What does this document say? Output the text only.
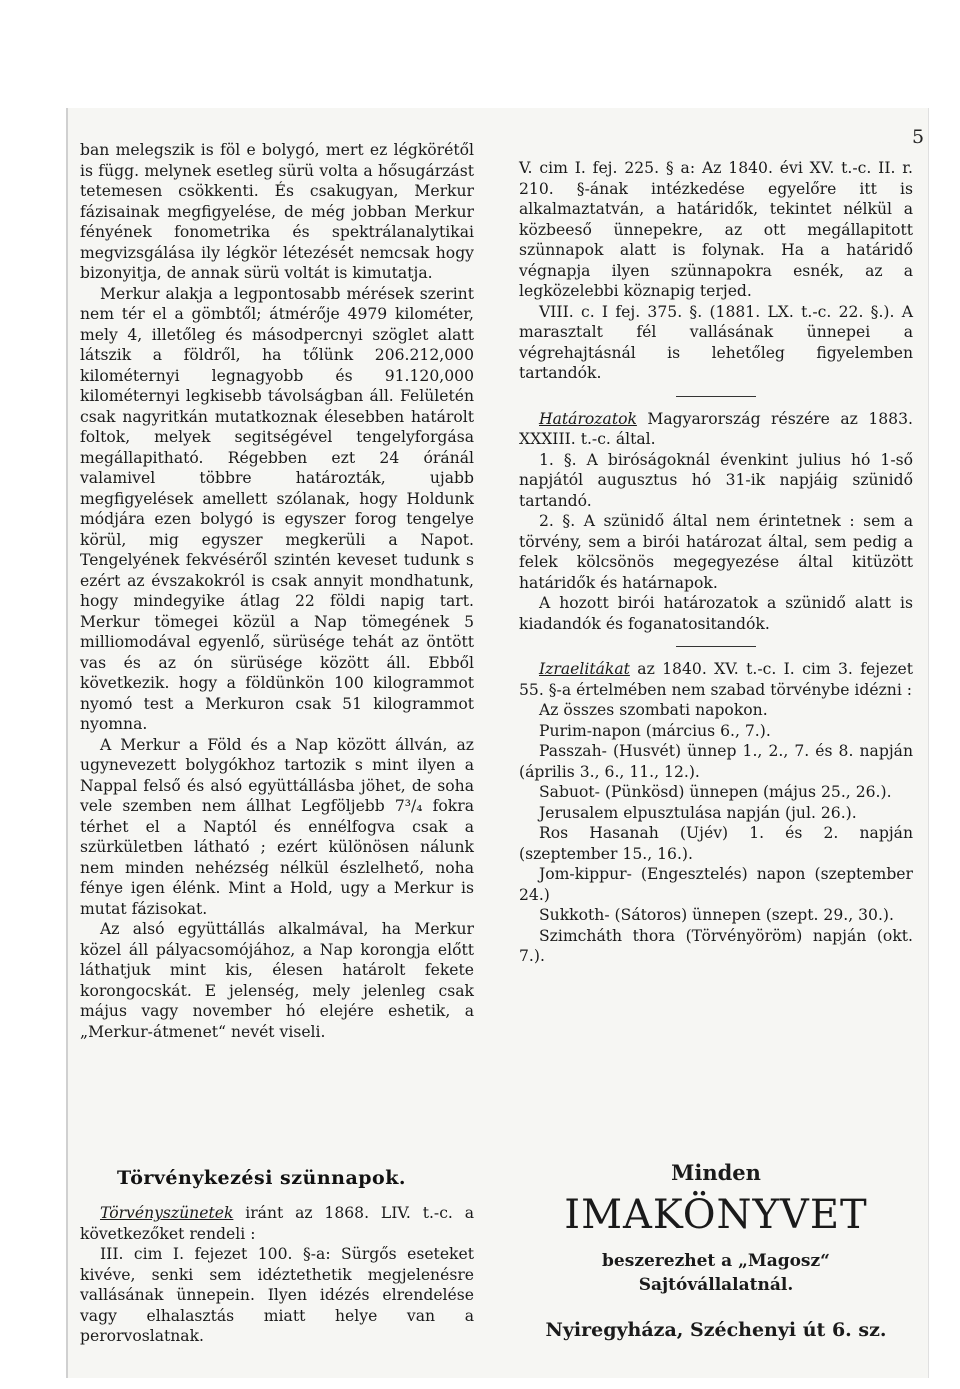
5

ban melegszik is föl e bolygó, mert ez légkörétől is függ. melynek esetleg sürü volta a hősugárzást tetemesen csökkenti. És csakugyan, Merkur fázisainak megfigyelése, de még jobban Merkur fényének fonometrika és spektrálanalytikai megvizsgálása ily légkör létezését nemcsak hogy bizonyitja, de annak sürü voltát is kimutatja.

Merkur alakja a legpontosabb mérések szerint nem tér el a gömbtől; átmérője 4979 kilométer, mely 4, illetőleg és másodpercnyi szöglet alatt látszik a földről, ha tőlünk 206.212,000 kilométernyi legnagyobb és 91.120,000 kilométernyi legkisebb távolságban áll. Felületén csak nagyritkán mutatkoznak élesebben határolt foltok, melyek segitségével tengelyforgása megállapitható. Régebben ezt 24 óránál valamivel többre határozták, ujabb megfigyelések amellett szólanak, hogy Holdunk módjára ezen bolygó is egyszer forog tengelye körül, mig egyszer megkerüli a Napot. Tengelyének fekvéséről szintén keveset tudunk s ezért az évszakokról is csak annyit mondhatunk, hogy mindegyike átlag 22 földi napig tart. Merkur tömegei közül a Nap tömegének 5 milliomodával egyenlő, sürüsége tehát az öntött vas és az ón sürüsége között áll. Ebből következik. hogy a földünkön 100 kilogrammot nyomó test a Merkuron csak 51 kilogrammot nyomna.

A Merkur a Föld és a Nap között állván, az ugynevezett bolygókhoz tartozik s mint ilyen a Nappal felső és alsó együttállásba jöhet, de soha vele szemben nem állhat Legföljebb 7³/₄ fokra térhet el a Naptól és ennélfogva csak a szürkületben látható ; ezért különösen nálunk nem minden nehézség nélkül észlelhető, noha fénye igen élénk. Mint a Hold, ugy a Merkur is mutat fázisokat.

Az alsó együttállás alkalmával, ha Merkur közel áll pályacsomójához, a Nap korongja előtt láthatjuk mint kis, élesen határolt fekete korongocskát. E jelenség, mely jelenleg csak május vagy november hó elejére eshetik, a „Merkur-átmenet“ nevét viseli.

Törvénykezési szünnapok.

Törvényszünetek iránt az 1868. LIV. t.-c. a következőket rendeli :

III. cim I. fejezet 100. §-a: Sürgős eseteket kivéve, senki sem idéztethetik megjelenésre vallásának ünnepein. Ilyen idézés elrendelése vagy elhalasztás miatt helye van a perorvoslatnak.

V. cim I. fej. 225. § a: Az 1840. évi XV. t.-c. II. r. 210. §-ának intézkedése egyelőre itt is alkalmaztatván, a határidők, tekintet nélkül a közbeeső ünnepekre, az ott megállapitott szünnapok alatt is folynak. Ha a határidő végnapja ilyen szünnapokra esnék, az a legközelebbi köznapig terjed.

VIII. c. I fej. 375. §. (1881. LX. t.-c. 22. §.). A marasztalt fél vallásának ünnepei a végrehajtásnál is lehetőleg figyelemben tartandók.

Határozatok Magyarország részére az 1883. XXXIII. t.-c. által.

1. §. A biróságoknál évenkint julius hó 1-ső napjától augusztus hó 31-ik napjáig szünidő tartandó.

2. §. A szünidő által nem érintetnek : sem a törvény, sem a birói határozat által, sem pedig a felek kölcsönös megegyezése által kitüzött határidők és határnapok.

A hozott birói határozatok a szünidő alatt is kiadandók és foganatositandók.

Izraelitákat az 1840. XV. t.-c. I. cim 3. fejezet 55. §-a értelmében nem szabad törvénybe idézni :

Az összes szombati napokon.

Purim-napon (március 6., 7.).

Passzah- (Husvét) ünnep 1., 2., 7. és 8. napján (április 3., 6., 11., 12.).

Sabuot- (Pünkösd) ünnepen (május 25., 26.).

Jerusalem elpusztulása napján (jul. 26.).

Ros Hasanah (Ujév) 1. és 2. napján (szeptember 15., 16.).

Jom-kippur- (Engesztelés) napon (szeptember 24.)

Sukkoth- (Sátoros) ünnepen (szept. 29., 30.).

Szimcháth thora (Törvényöröm) napján (okt. 7.).

Minden
IMAKÖNYVET
beszerezhet a „Magosz“
Sajtóvállalatnál.
Nyiregyháza, Széchenyi út 6. sz.
